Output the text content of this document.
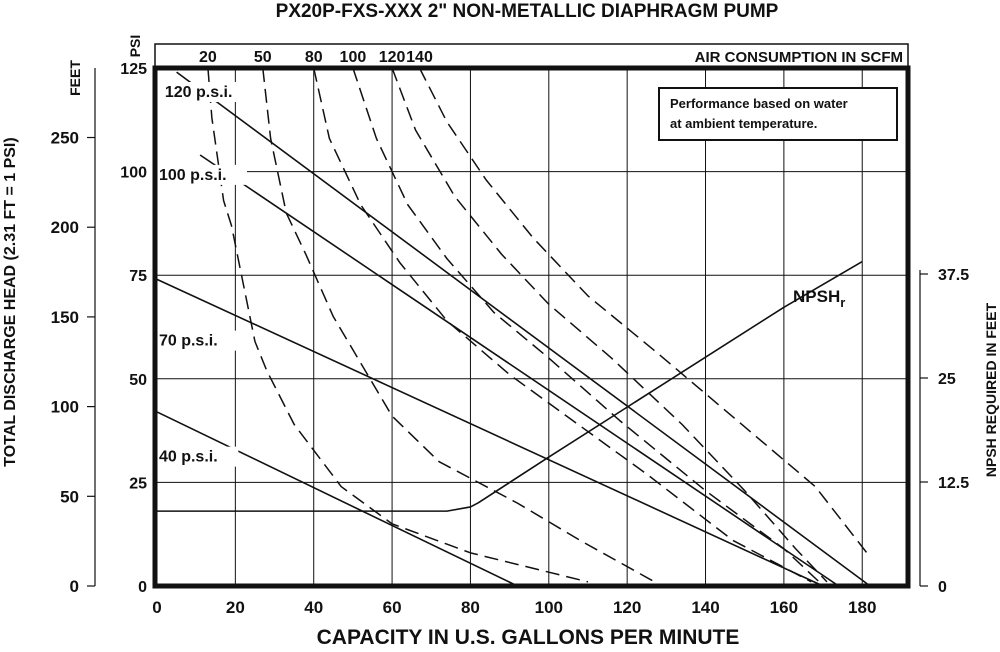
PX20P-FXS-XXX 2" NON-METALLIC DIAPHRAGM PUMP
AIR CONSUMPTION IN SCFM
20 50 80 100 120 140
PSI
FEET
TOTAL DISCHARGE HEAD (2.31 FT = 1 PSI)	NPSH REQUIRED IN FEET
0
25
50
75
100
125
0
50
100
150
200
250
0
12.5
25
37.5
0	20	40	60	80	100	120	140	160	180
120 p.s.i.
100 p.s.i.
70 p.s.i.
40 p.s.i.
Performance based on water
at ambient temperature.
$NPSH_r$
CAPACITY IN U.S. GALLONS PER MINUTE
